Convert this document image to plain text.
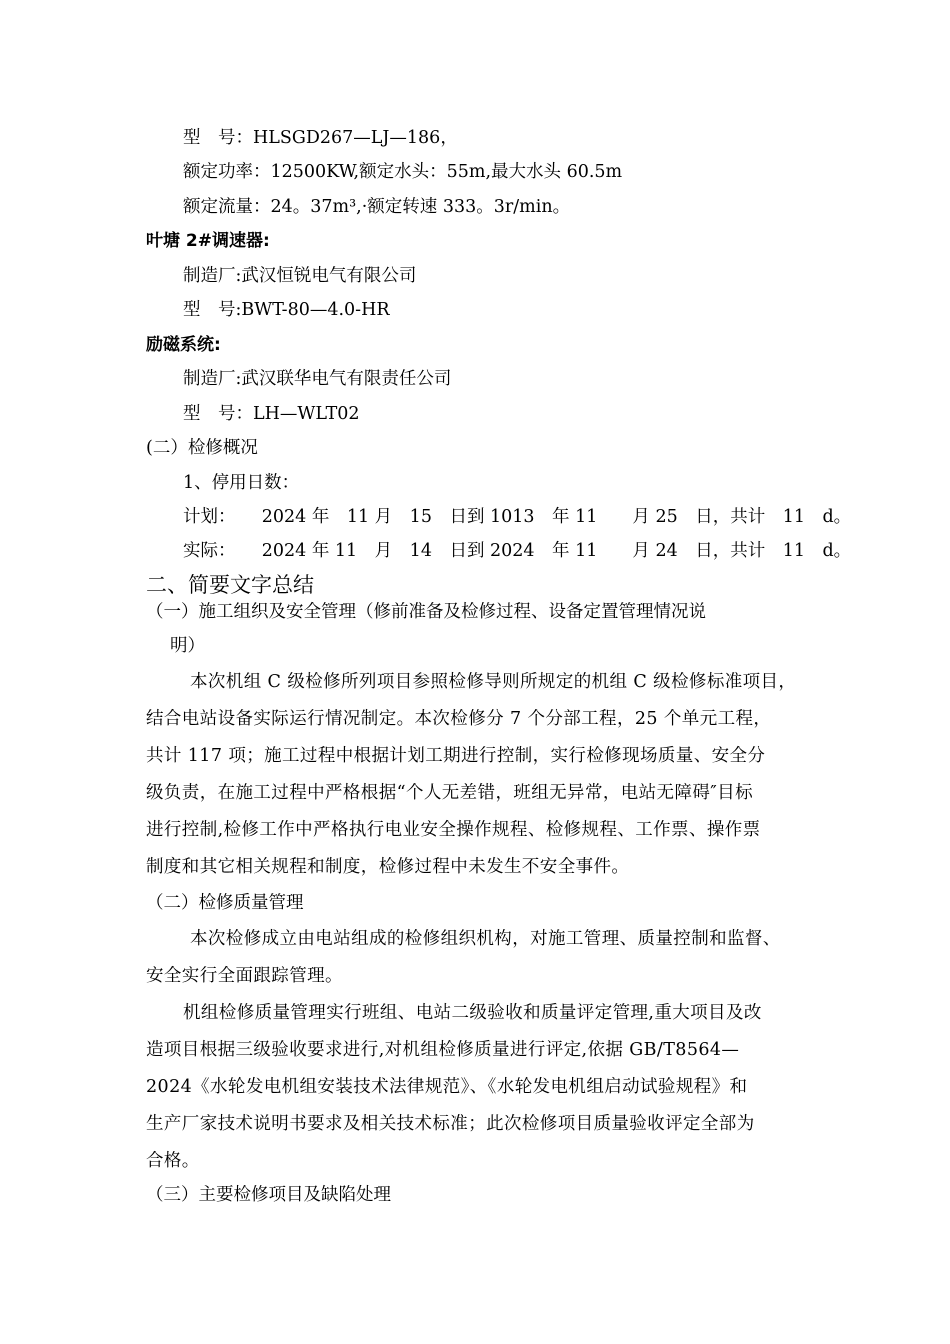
型　号：HLSGD267—LJ—186，
额定功率：12500KW,额定水头：55m,最大水头 60.5m
额定流量：24。37m³,·额定转速 333。3r/min。
叶塘 2#调速器:
制造厂:武汉恒锐电气有限公司
型　号:BWT-80—4.0-HR
励磁系统:
制造厂:武汉联华电气有限责任公司
型　号：LH—WLT02
(二）检修概况
1、停用日数：
计划：　　2024 年　11 月　15　日到 1013　年 11　　月 25　日，共计　11　d。
实际：　　2024 年 11　月　14　日到 2024　年 11　　月 24　日，共计　11　d。
二、简要文字总结
（一）施工组织及安全管理（修前准备及检修过程、设备定置管理情况说
明）
本次机组 C 级检修所列项目参照检修导则所规定的机组 C 级检修标准项目，
结合电站设备实际运行情况制定。本次检修分 7 个分部工程，25 个单元工程，
共计 117 项；施工过程中根据计划工期进行控制，实行检修现场质量、安全分
级负责，在施工过程中严格根据“个人无差错，班组无异常，电站无障碍″目标
进行控制,检修工作中严格执行电业安全操作规程、检修规程、工作票、操作票
制度和其它相关规程和制度，检修过程中未发生不安全事件。
（二）检修质量管理
本次检修成立由电站组成的检修组织机构，对施工管理、质量控制和监督、
安全实行全面跟踪管理。
机组检修质量管理实行班组、电站二级验收和质量评定管理,重大项目及改
造项目根据三级验收要求进行,对机组检修质量进行评定,依据 GB/T8564—
2024《水轮发电机组安装技术法律规范》、《水轮发电机组启动试验规程》和
生产厂家技术说明书要求及相关技术标准；此次检修项目质量验收评定全部为
合格。
（三）主要检修项目及缺陷处理
